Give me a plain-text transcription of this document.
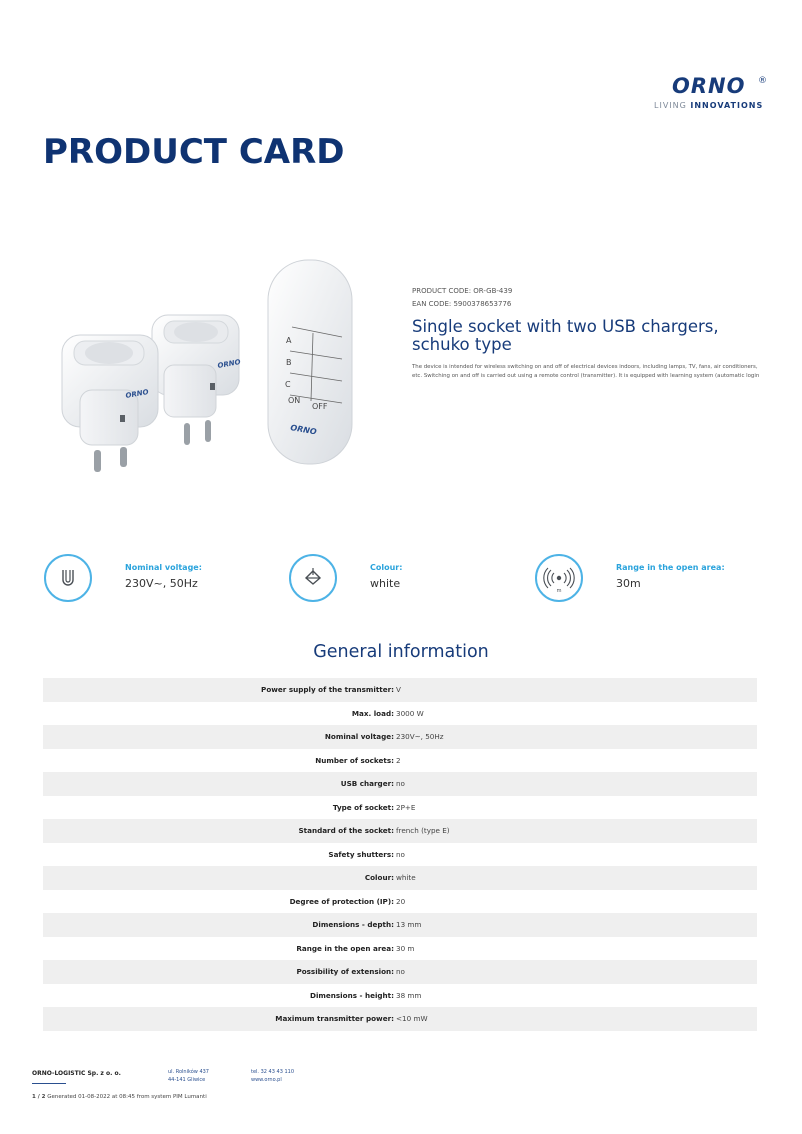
ORNO ®
LIVING INNOVATIONS
PRODUCT CARD
ORNO
ORNO
A
B
C
ON
OFF
ORNO
PRODUCT CODE: OR-GB-439
EAN CODE: 5900378653776
Single socket with two USB chargers, schuko type
The device is intended for wireless switching on and off of electrical devices indoors, including lamps, TV, fans, air conditioners, etc. Switching on and off is carried out using a remote control (transmitter). It is equipped with learning system (automatic login
Nominal voltage:
230V~, 50Hz
Colour:
white
m
Range in the open area:
30m
General information
Power supply of the transmitter: V
Max. load: 3000 W
Nominal voltage: 230V~, 50Hz
Number of sockets: 2
USB charger: no
Type of socket: 2P+E
Standard of the socket: french (type E)
Safety shutters: no
Colour: white
Degree of protection (IP): 20
Dimensions - depth: 13 mm
Range in the open area: 30 m
Possibility of extension: no
Dimensions - height: 38 mm
Maximum transmitter power: <10 mW
ORNO-LOGISTIC Sp. z o. o.	ul. Rolników 437
44-141 Gliwice
tel. 32 43 43 110
www.orno.pl
1 / 2 Generated 01-08-2022 at 08:45 from system PIM Lumanti
